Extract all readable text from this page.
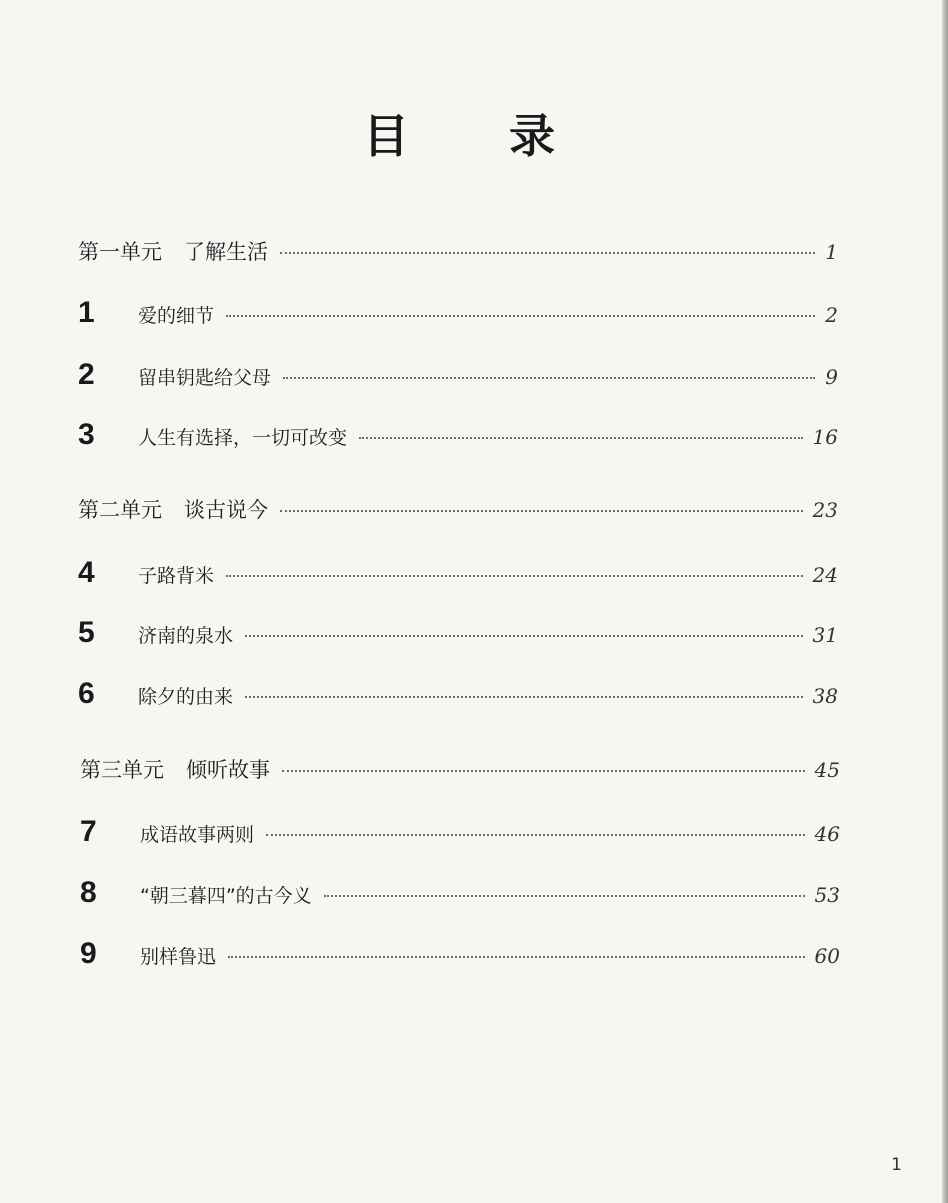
目 录
第一单元 了解生活	1
1	爱的细节	2
2	留串钥匙给父母	9
3	人生有选择，一切可改变	16
第二单元 谈古说今	23
4	子路背米	24
5	济南的泉水	31
6	除夕的由来	38
第三单元 倾听故事	45
7	成语故事两则	46
8	“朝三暮四”的古今义	53
9	别样鲁迅	60
1
